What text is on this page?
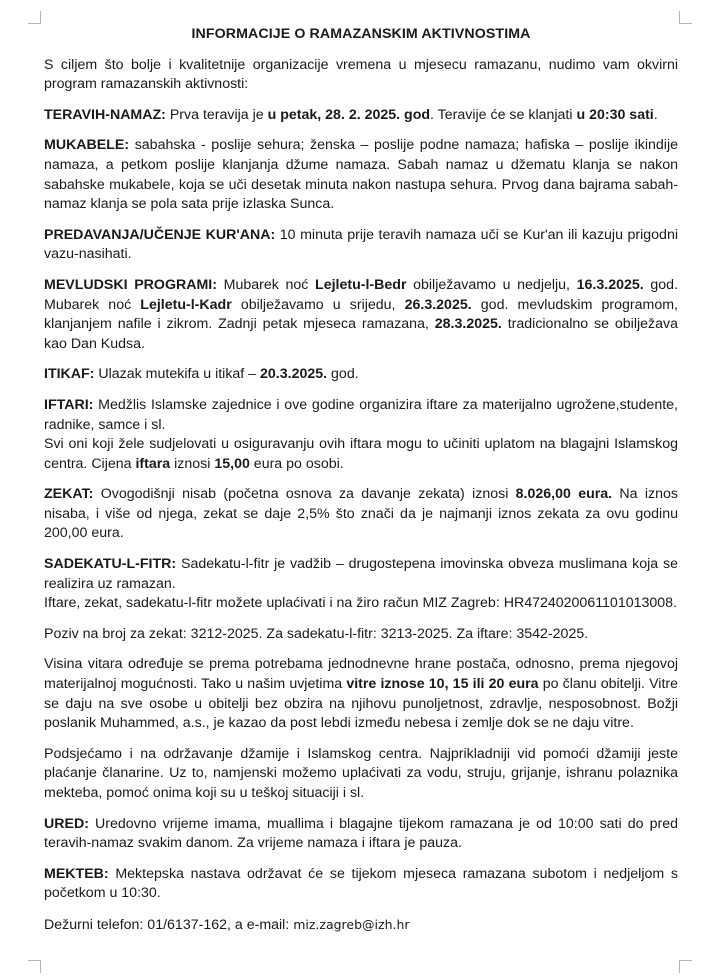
INFORMACIJE O RAMAZANSKIM AKTIVNOSTIMA

S ciljem što bolje i kvalitetnije organizacije vremena u mjesecu ramazanu, nudimo vam okvirni program ramazanskih aktivnosti:

TERAVIH-NAMAZ: Prva teravija je u petak, 28. 2. 2025. god. Teravije će se klanjati u 20:30 sati.

MUKABELE: sabahska - poslije sehura; ženska – poslije podne namaza; hafiska – poslije ikindije namaza, a petkom poslije klanjanja džume namaza. Sabah namaz u džematu klanja se nakon sabahske mukabele, koja se uči desetak minuta nakon nastupa sehura. Prvog dana bajrama sabah-namaz klanja se pola sata prije izlaska Sunca.

PREDAVANJA/UČENJE KUR'ANA: 10 minuta prije teravih namaza uči se Kur'an ili kazuju prigodni vazu-nasihati.

MEVLUDSKI PROGRAMI: Mubarek noć Lejletu-l-Bedr obilježavamo u nedjelju, 16.3.2025. god. Mubarek noć Lejletu-l-Kadr obilježavamo u srijedu, 26.3.2025. god. mevludskim programom, klanjanjem nafile i zikrom. Zadnji petak mjeseca ramazana, 28.3.2025. tradicionalno se obilježava kao Dan Kudsa.

ITIKAF: Ulazak mutekifa u itikaf – 20.3.2025. god.

IFTARI: Medžlis Islamske zajednice i ove godine organizira iftare za materijalno ugrožene,studente, radnike, samce i sl.

Svi oni koji žele sudjelovati u osiguravanju ovih iftara mogu to učiniti uplatom na blagajni Islamskog centra. Cijena iftara iznosi 15,00 eura po osobi.

ZEKAT: Ovogodišnji nisab (početna osnova za davanje zekata) iznosi 8.026,00 eura. Na iznos nisaba, i više od njega, zekat se daje 2,5% što znači da je najmanji iznos zekata za ovu godinu 200,00 eura.

SADEKATU-L-FITR: Sadekatu-l-fitr je vadžib – drugostepena imovinska obveza muslimana koja se realizira uz ramazan.

Iftare, zekat, sadekatu-l-fitr možete uplaćivati i na žiro račun MIZ Zagreb: HR4724020061101013008.

Poziv na broj za zekat: 3212-2025. Za sadekatu-l-fitr: 3213-2025. Za iftare: 3542-2025.

Visina vitara određuje se prema potrebama jednodnevne hrane postača, odnosno, prema njegovoj materijalnoj mogućnosti. Tako u našim uvjetima vitre iznose 10, 15 ili 20 eura po članu obitelji. Vitre se daju na sve osobe u obitelji bez obzira na njihovu punoljetnost, zdravlje, nesposobnost. Božji poslanik Muhammed, a.s., je kazao da post lebdi između nebesa i zemlje dok se ne daju vitre.

Podsjećamo i na održavanje džamije i Islamskog centra. Najprikladniji vid pomoći džamiji jeste plaćanje članarine. Uz to, namjenski možemo uplaćivati za vodu, struju, grijanje, ishranu polaznika mekteba, pomoć onima koji su u teškoj situaciji i sl.

URED: Uredovno vrijeme imama, muallima i blagajne tijekom ramazana je od 10:00 sati do pred teravih-namaz svakim danom. Za vrijeme namaza i iftara je pauza.

MEKTEB: Mektepska nastava održavat će se tijekom mjeseca ramazana subotom i nedjeljom s početkom u 10:30.

Dežurni telefon: 01/6137-162, a e-mail: miz.zagreb@izh.hr
